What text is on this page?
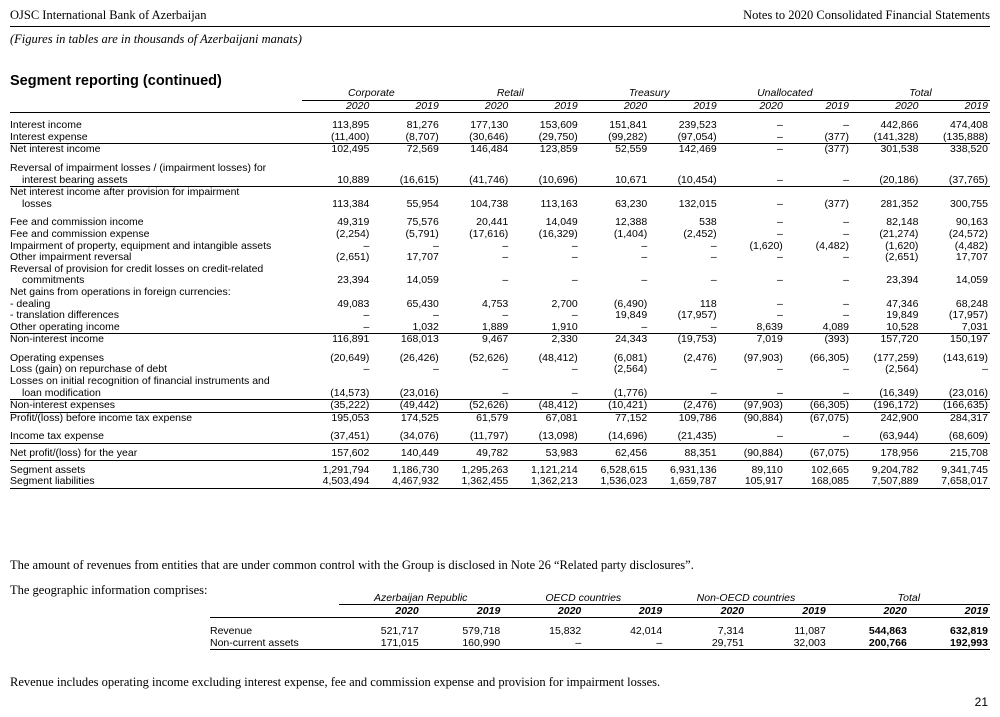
OJSC International Bank of Azerbaijan	Notes to 2020 Consolidated Financial Statements
(Figures in tables are in thousands of Azerbaijani manats)
Segment reporting (continued)
	Corporate		Retail		Treasury		Unallocated		Total	
	2020	2019	2020	2019	2020	2019	2020	2019	2020	2019

Interest income	113,895	81,276	177,130	153,609	151,841	239,523	–	–	442,866	474,408
Interest expense	(11,400)	(8,707)	(30,646)	(29,750)	(99,282)	(97,054)	–	(377)	(141,328)	(135,888)
Net interest income	102,495	72,569	146,484	123,859	52,559	142,469	–	(377)	301,538	338,520

Reversal of impairment losses / (impairment losses) for										
interest bearing assets	10,889	(16,615)	(41,746)	(10,696)	10,671	(10,454)	–	–	(20,186)	(37,765)
Net interest income after provision for impairment										
losses	113,384	55,954	104,738	113,163	63,230	132,015	–	(377)	281,352	300,755

Fee and commission income	49,319	75,576	20,441	14,049	12,388	538	–	–	82,148	90,163
Fee and commission expense	(2,254)	(5,791)	(17,616)	(16,329)	(1,404)	(2,452)	–	–	(21,274)	(24,572)
Impairment of property, equipment and intangible assets	–	–	–	–	–	–	(1,620)	(4,482)	(1,620)	(4,482)
Other impairment reversal	(2,651)	17,707	–	–	–	–	–	–	(2,651)	17,707
Reversal of provision for credit losses on credit-related										
commitments	23,394	14,059	–	–	–	–	–	–	23,394	14,059
Net gains from operations in foreign currencies:										
- dealing	49,083	65,430	4,753	2,700	(6,490)	118	–	–	47,346	68,248
- translation differences	–	–	–	–	19,849	(17,957)	–	–	19,849	(17,957)
Other operating income	–	1,032	1,889	1,910	–	–	8,639	4,089	10,528	7,031
Non-interest income	116,891	168,013	9,467	2,330	24,343	(19,753)	7,019	(393)	157,720	150,197

Operating expenses	(20,649)	(26,426)	(52,626)	(48,412)	(6,081)	(2,476)	(97,903)	(66,305)	(177,259)	(143,619)
Loss (gain) on repurchase of debt	–	–	–	–	(2,564)	–	–	–	(2,564)	–
Losses on initial recognition of financial instruments and										
loan modification	(14,573)	(23,016)	–	–	(1,776)	–	–	–	(16,349)	(23,016)
Non-interest expenses	(35,222)	(49,442)	(52,626)	(48,412)	(10,421)	(2,476)	(97,903)	(66,305)	(196,172)	(166,635)
Profit/(loss) before income tax expense	195,053	174,525	61,579	67,081	77,152	109,786	(90,884)	(67,075)	242,900	284,317

Income tax expense	(37,451)	(34,076)	(11,797)	(13,098)	(14,696)	(21,435)	–	–	(63,944)	(68,609)

Net profit/(loss) for the year	157,602	140,449	49,782	53,983	62,456	88,351	(90,884)	(67,075)	178,956	215,708

Segment assets	1,291,794	1,186,730	1,295,263	1,121,214	6,528,615	6,931,136	89,110	102,665	9,204,782	9,341,745
Segment liabilities	4,503,494	4,467,932	1,362,455	1,362,213	1,536,023	1,659,787	105,917	168,085	7,507,889	7,658,017
The amount of revenues from entities that are under common control with the Group is disclosed in Note 26 “Related party disclosures”.
The geographic information comprises:
	Azerbaijan Republic		OECD countries		Non-OECD countries		Total	
	2020	2019	2020	2019	2020	2019	2020	2019

Revenue	521,717	579,718	15,832	42,014	7,314	11,087	544,863	632,819
Non-current assets	171,015	160,990	–	–	29,751	32,003	200,766	192,993
Revenue includes operating income excluding interest expense, fee and commission expense and provision for impairment losses.
21
